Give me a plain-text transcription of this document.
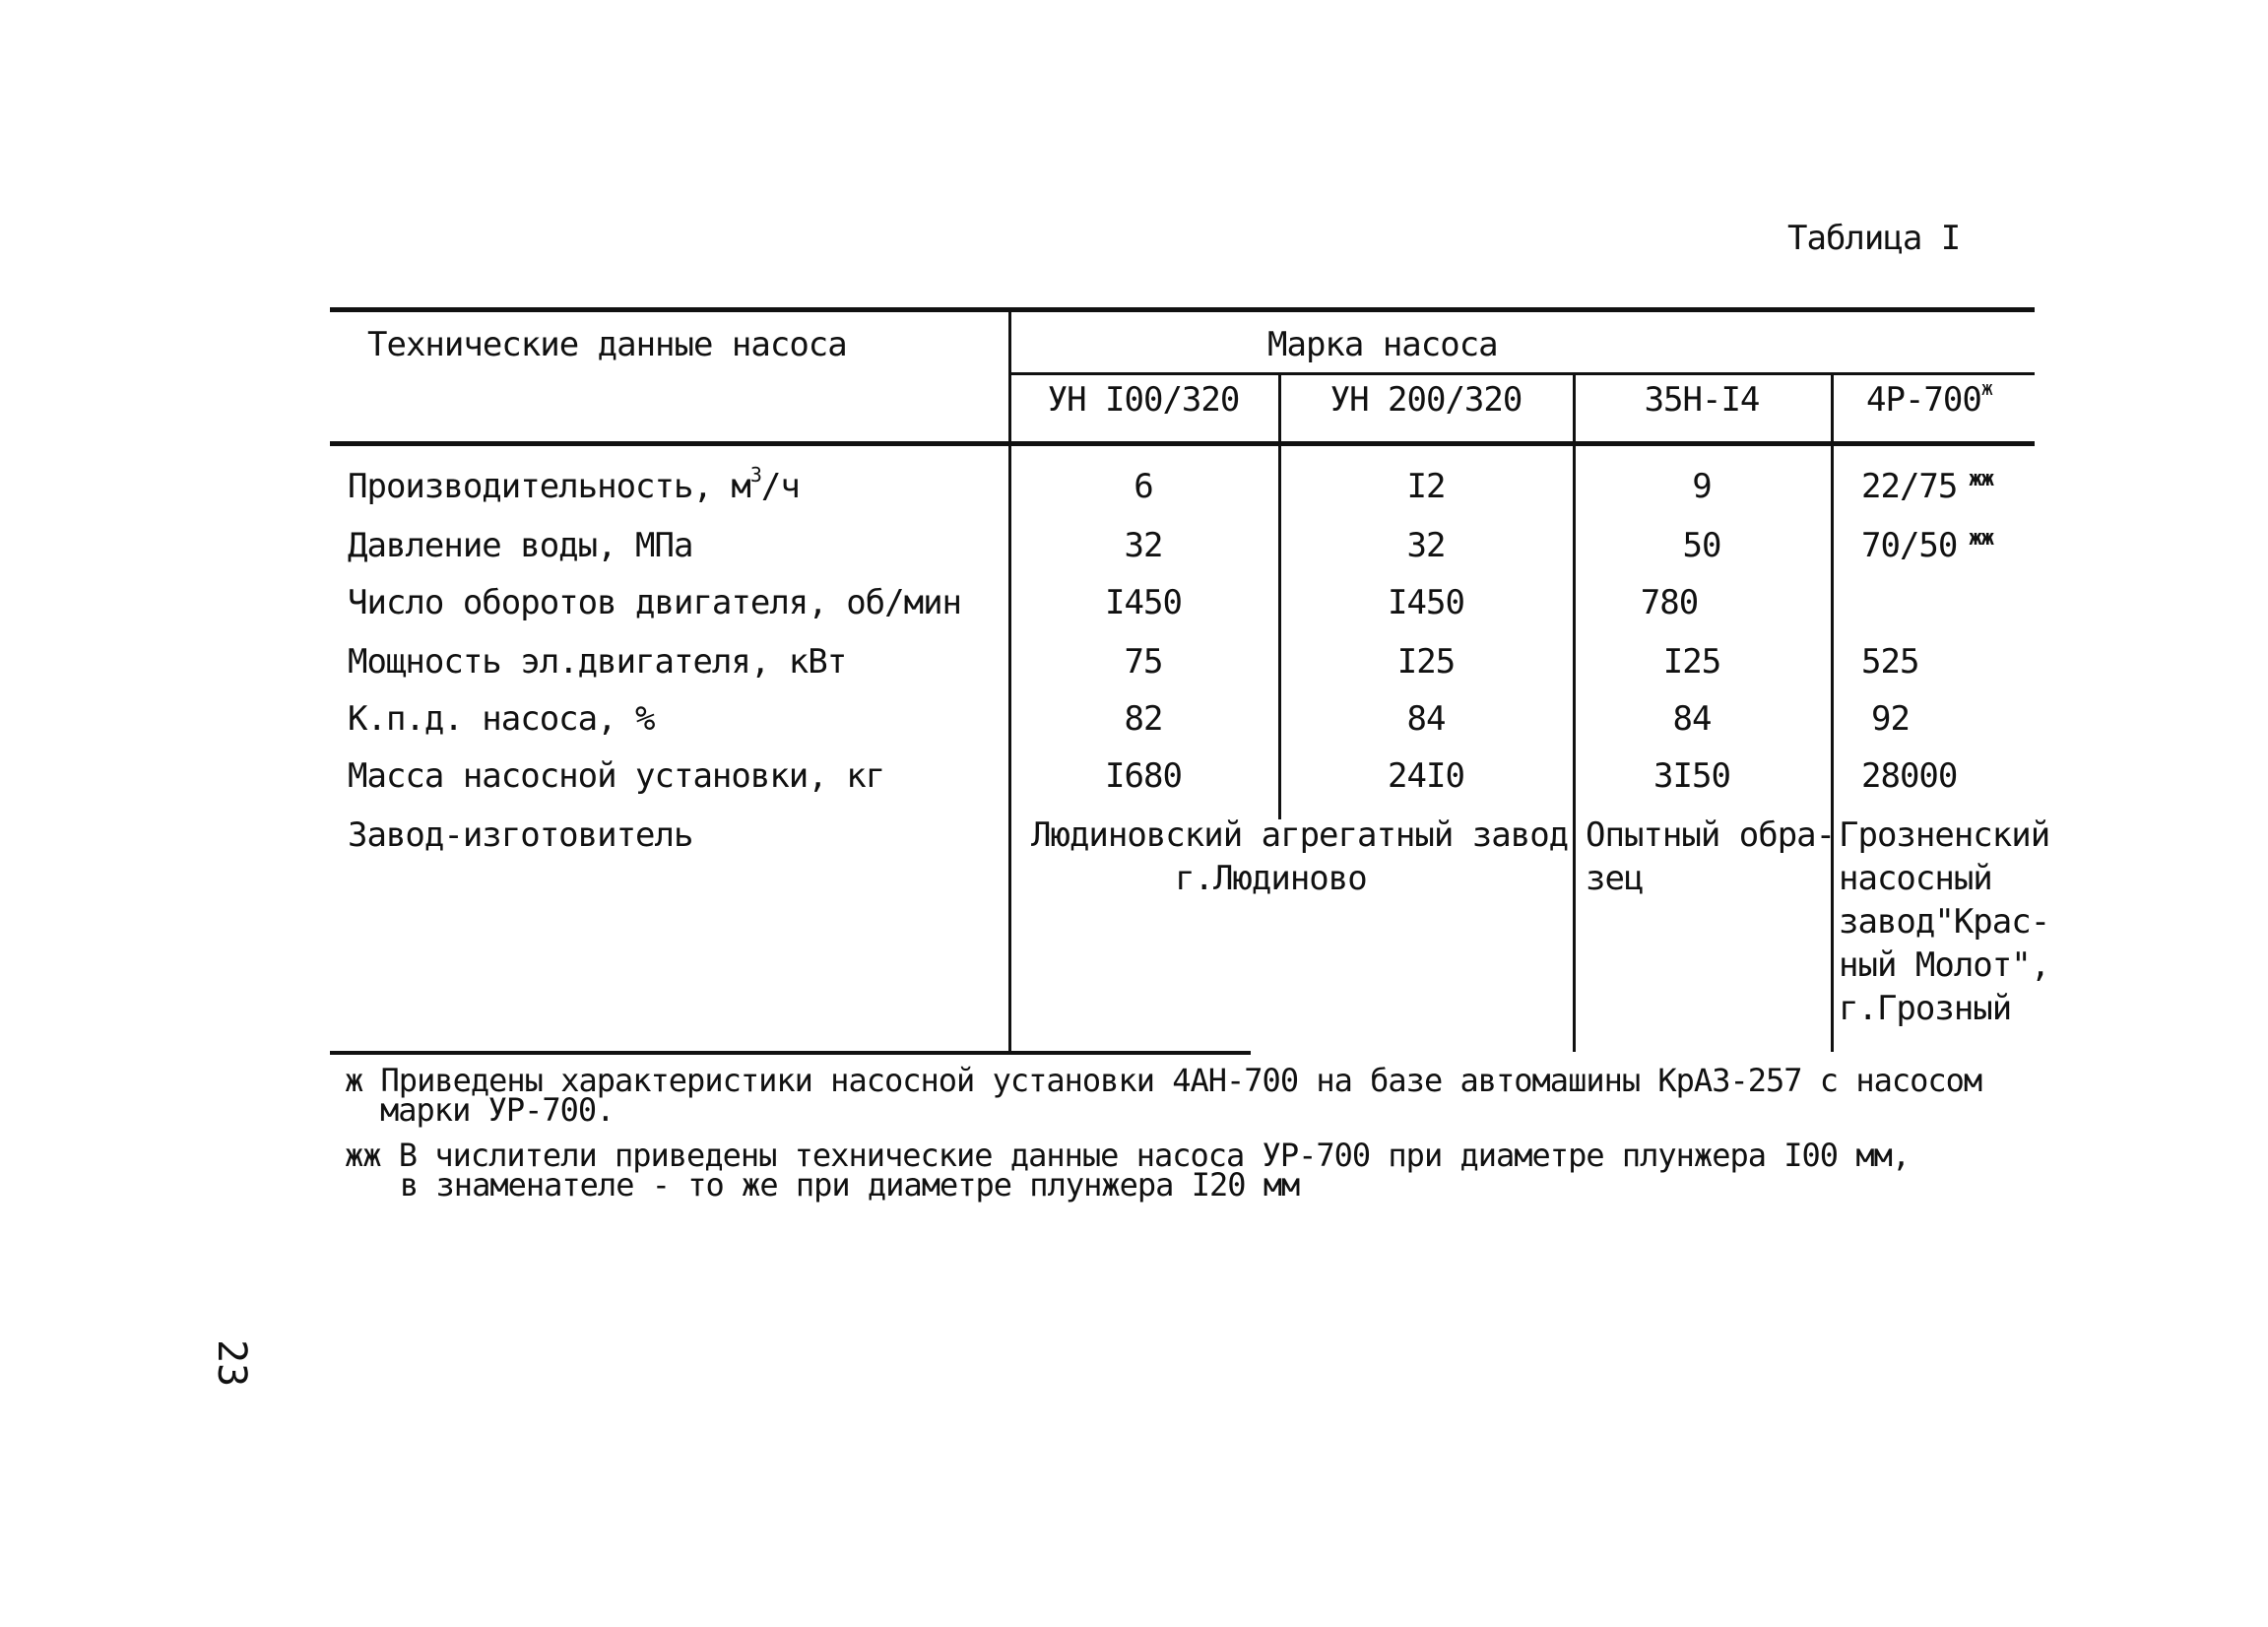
Таблица I
Технические данные насоса	Марка насоса
УН I00/320	УН 200/320	35Н-I4	$4Р-700^ж$
Производительность, $м^3/ч$	6	I2	9	22/75 $^{жж}$
Давление воды, МПа	32	32	50	70/50 $^{жж}$
Число оборотов двигателя, об/мин	I450	I450	780
Мощность эл.двигателя, кВт	75	I25	I25	525
К.п.д. насоса, %	82	84	84	92
Масса насосной установки, кг	I680	24I0	3I50	28000
Завод-изготовитель	Людиновский агрегатный завод
г.Людиново
Опытный обра-
зец
Грозненский
насосный
завод"Крас-
ный Молот",
г.Грозный
ж Приведены характеристики насосной установки 4АН-700 на базе автомашины КрАЗ-257 с насосом
марки УР-700.
жж В числители приведены технические данные насоса УР-700 при диаметре плунжера I00 мм,
в знаменателе - то же при диаметре плунжера I20 мм
23
